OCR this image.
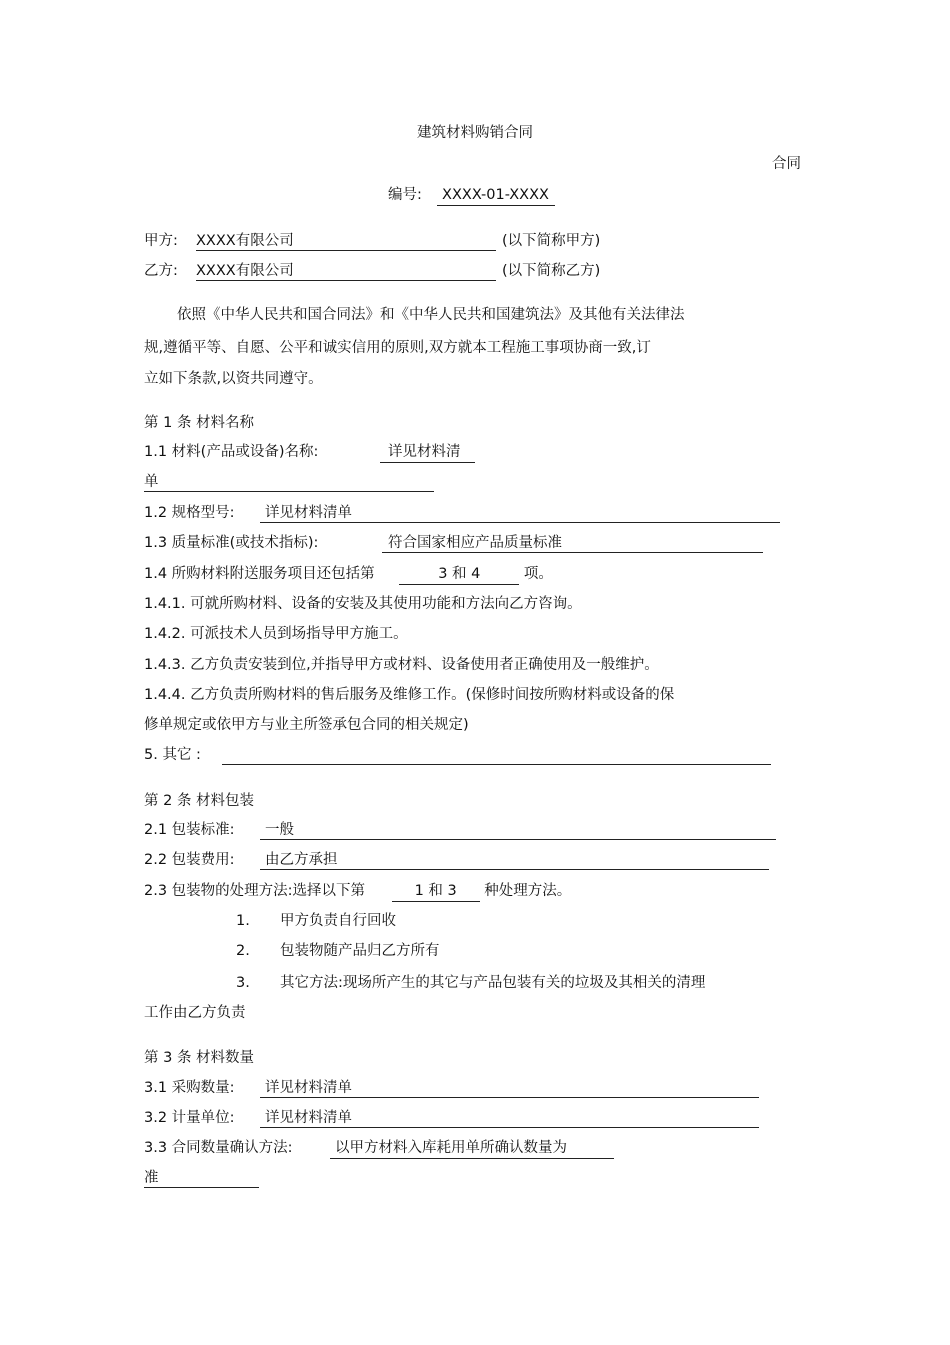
建筑材料购销合同
合同
编号: XXXX-01-XXXX
甲方: XXXX有限公司	(以下简称甲方)
乙方: XXXX有限公司	(以下简称乙方)
依照《中华人民共和国合同法》和《中华人民共和国建筑法》及其他有关法律法
规,遵循平等、自愿、公平和诚实信用的原则,双方就本工程施工事项协商一致,订
立如下条款,以资共同遵守。
第 1 条 材料名称
1.1 材料(产品或设备)名称:	详见材料清
单
1.2 规格型号: 详见材料清单
1.3 质量标准(或技术指标):	符合国家相应产品质量标准
1.4 所购材料附送服务项目还包括第	3 和 4	项。
1.4.1. 可就所购材料、设备的安装及其使用功能和方法向乙方咨询。
1.4.2. 可派技术人员到场指导甲方施工。
1.4.3. 乙方负责安装到位,并指导甲方或材料、设备使用者正确使用及一般维护。
1.4.4. 乙方负责所购材料的售后服务及维修工作。(保修时间按所购材料或设备的保
修单规定或依甲方与业主所签承包合同的相关规定)
5. 其它 :
第 2 条 材料包装
2.1 包装标准: 一般
2.2 包装费用: 由乙方承担
2.3 包装物的处理方法:选择以下第	1 和 3 种处理方法。
1. 甲方负责自行回收
2. 包装物随产品归乙方所有
3. 其它方法:现场所产生的其它与产品包装有关的垃圾及其相关的清理
工作由乙方负责
第 3 条 材料数量
3.1 采购数量: 详见材料清单
3.2 计量单位: 详见材料清单
3.3 合同数量确认方法:	以甲方材料入库耗用单所确认数量为
准
